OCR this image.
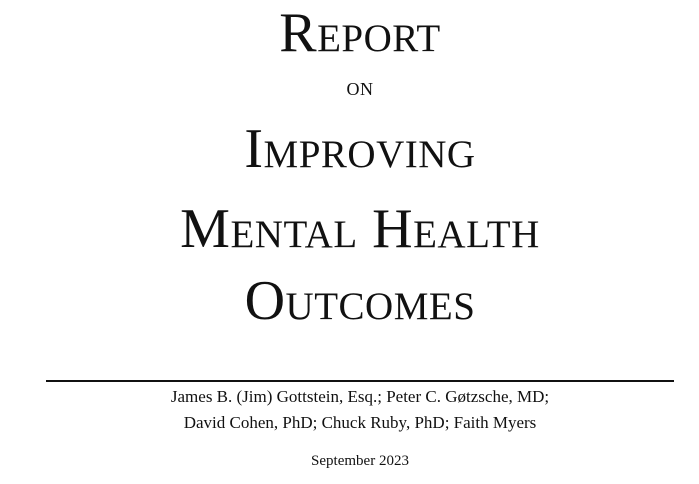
Report
on
Improving
Mental Health
Outcomes
James B. (Jim) Gottstein, Esq.; Peter C. Gøtzsche, MD;
David Cohen, PhD; Chuck Ruby, PhD; Faith Myers
September 2023
